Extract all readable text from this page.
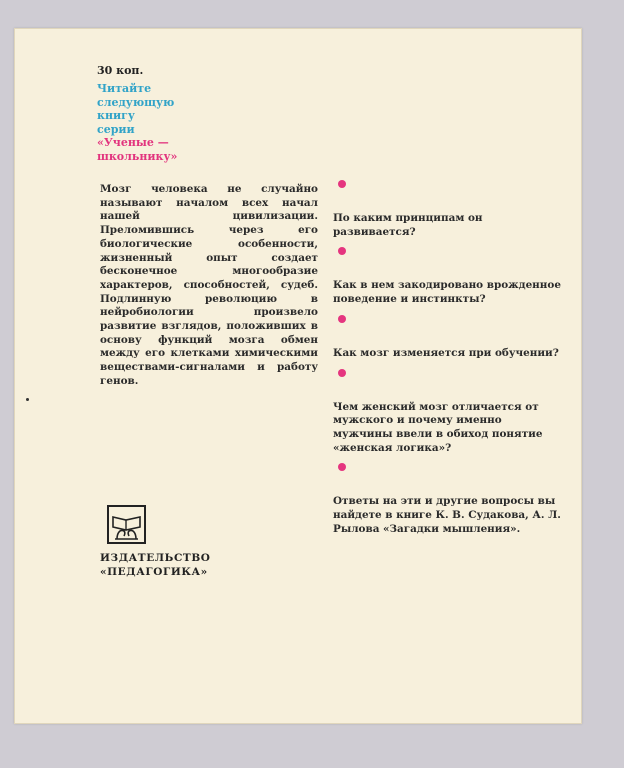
30 коп.
Читайте
следующую
книгу
серии
«Ученые —
школьнику»
Мозг человека не случайно называют началом всех начал нашей цивилизации. Преломившись через его биологические особенности, жизненный опыт создает бесконечное многообразие характеров, способностей, судеб. Подлинную революцию в нейробиологии произвело развитие взглядов, положивших в основу функций мозга обмен между его клетками химическими веществами-сигналами и работу генов.
По каким принципам он развивается?
Как в нем закодировано врожденное поведение и инстинкты?
Как мозг изменяется при обучении?
Чем женский мозг отличается от мужского и почему именно мужчины ввели в обиход понятие «женская логика»?
Ответы на эти и другие вопросы вы найдете в книге К. В. Судакова, А. Л. Рылова «Загадки мышления».
ИЗДАТЕЛЬСТВО
«ПЕДАГОГИКА»
